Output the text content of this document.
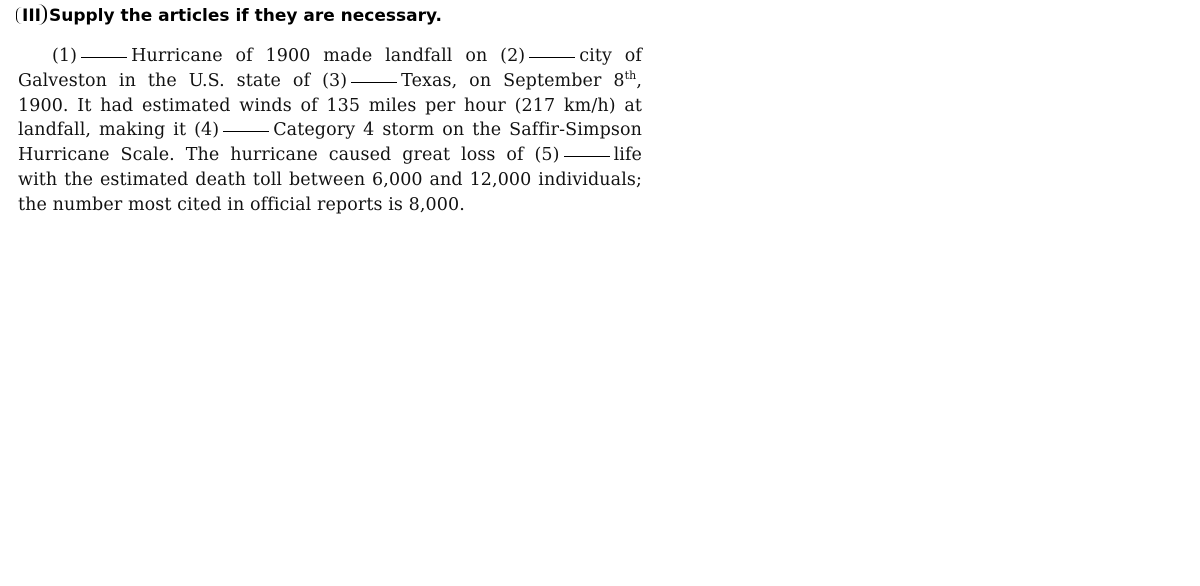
III Supply the articles if they are necessary.
(1)	Hurricane of 1900 made landfall on (2)	city of Galveston in the U.S. state of (3)	Texas, on September 8th, 1900. It had estimated winds of 135 miles per hour (217 km/h) at landfall, making it (4)	Category 4 storm on the Saffir-Simpson Hurricane Scale. The hurricane caused great loss of (5)	life with the estimated death toll between 6,000 and 12,000 individuals; the number most cited in official reports is 8,000.
